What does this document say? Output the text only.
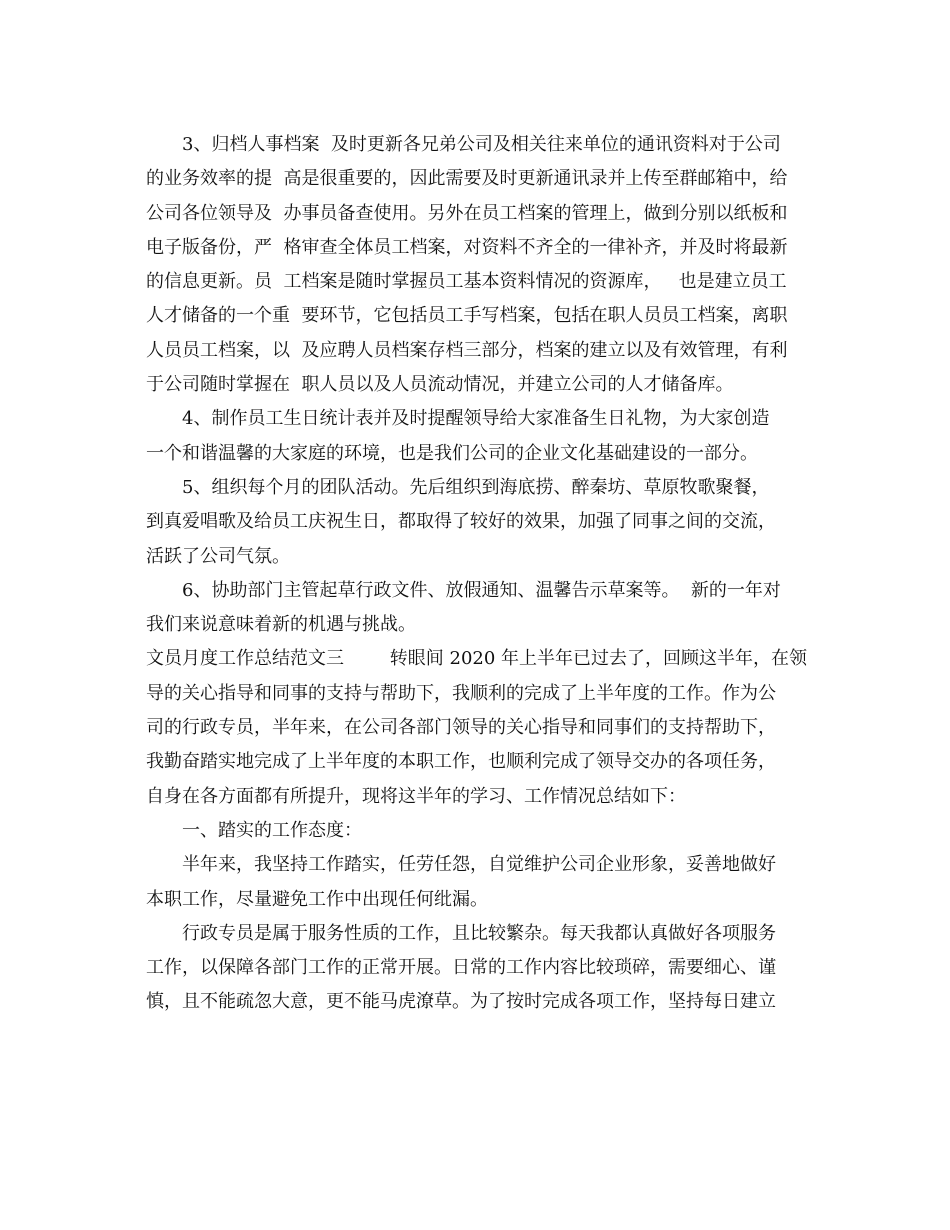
3、归档人事档案  及时更新各兄弟公司及相关往来单位的通讯资料对于公司
的业务效率的提  高是很重要的，因此需要及时更新通讯录并上传至群邮箱中，给
公司各位领导及  办事员备查使用。另外在员工档案的管理上，做到分别以纸板和
电子版备份，严  格审查全体员工档案，对资料不齐全的一律补齐，并及时将最新
的信息更新。员  工档案是随时掌握员工基本资料情况的资源库，   也是建立员工
人才储备的一个重  要环节，它包括员工手写档案，包括在职人员员工档案，离职
人员员工档案，以  及应聘人员档案存档三部分，档案的建立以及有效管理，有利
于公司随时掌握在  职人员以及人员流动情况，并建立公司的人才储备库。
4、制作员工生日统计表并及时提醒领导给大家准备生日礼物，为大家创造
一个和谐温馨的大家庭的环境，也是我们公司的企业文化基础建设的一部分。
5、组织每个月的团队活动。先后组织到海底捞、醉秦坊、草原牧歌聚餐，
到真爱唱歌及给员工庆祝生日，都取得了较好的效果，加强了同事之间的交流，
活跃了公司气氛。
6、协助部门主管起草行政文件、放假通知、温馨告示草案等。  新的一年对
我们来说意味着新的机遇与挑战。
文员月度工作总结范文三        转眼间 2020 年上半年已过去了，回顾这半年，在领
导的关心指导和同事的支持与帮助下，我顺利的完成了上半年度的工作。作为公
司的行政专员，半年来，在公司各部门领导的关心指导和同事们的支持帮助下，
我勤奋踏实地完成了上半年度的本职工作，也顺利完成了领导交办的各项任务，
自身在各方面都有所提升，现将这半年的学习、工作情况总结如下：
一、踏实的工作态度：
半年来，我坚持工作踏实，任劳任怨，自觉维护公司企业形象，妥善地做好
本职工作，尽量避免工作中出现任何纰漏。
行政专员是属于服务性质的工作，且比较繁杂。每天我都认真做好各项服务
工作，以保障各部门工作的正常开展。日常的工作内容比较琐碎，需要细心、谨
慎，且不能疏忽大意，更不能马虎潦草。为了按时完成各项工作，坚持每日建立
